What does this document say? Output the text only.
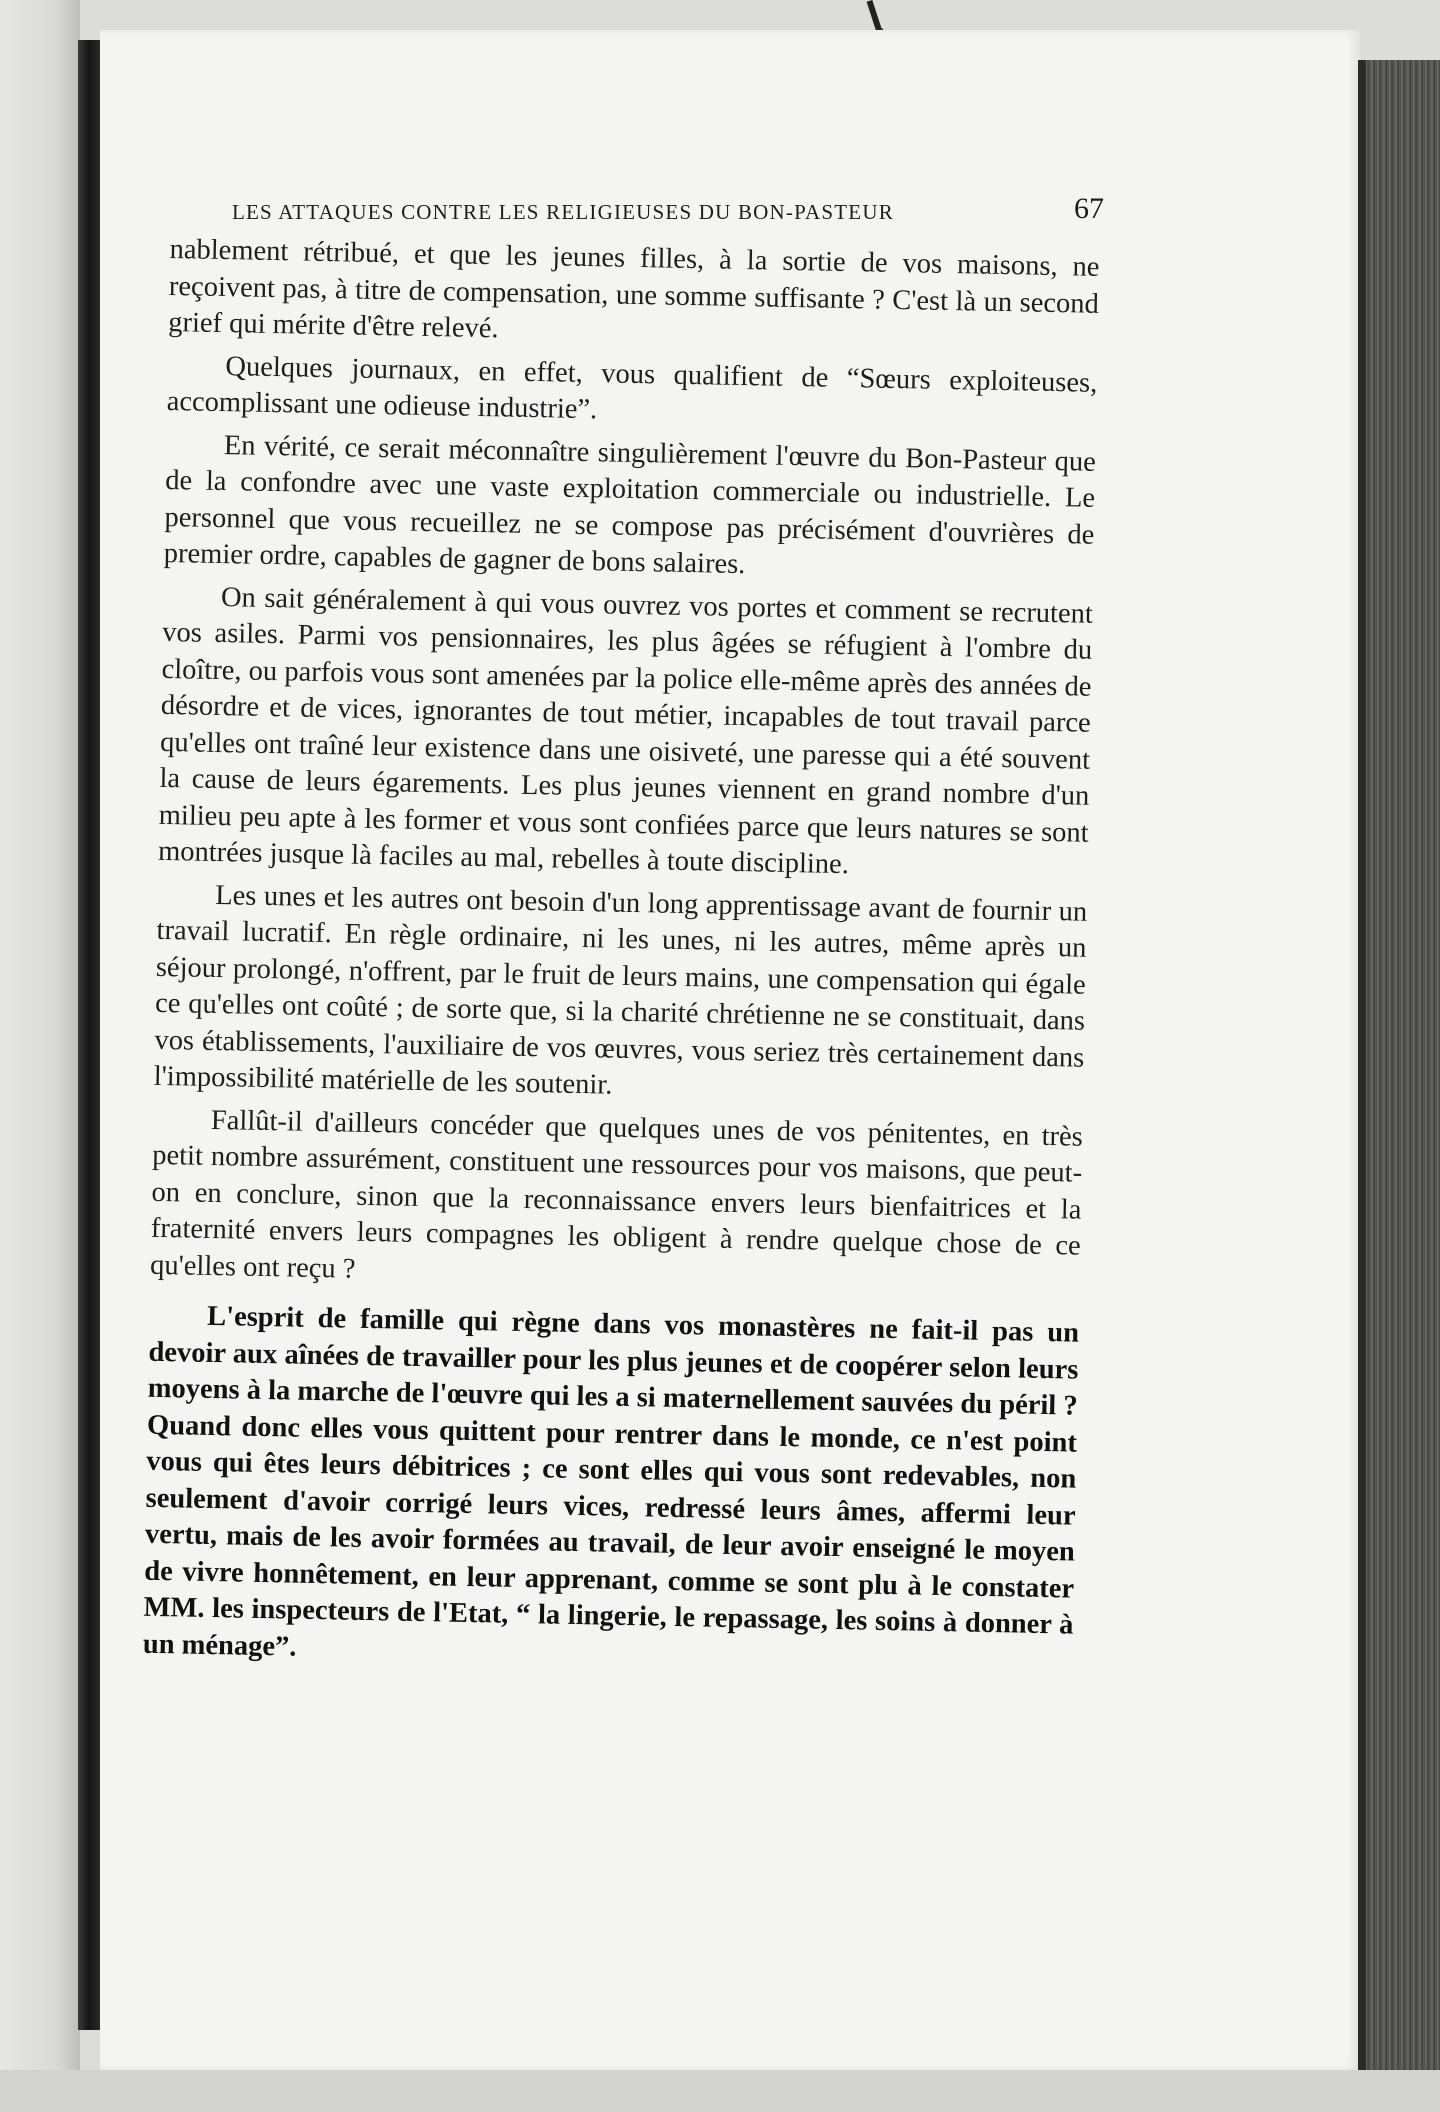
LES ATTAQUES CONTRE LES RELIGIEUSES DU BON-PASTEUR	67

nablement rétribué, et que les jeunes filles, à la sortie de vos maisons, ne reçoivent pas, à titre de compensation, une somme suffisante ? C'est là un second grief qui mérite d'être relevé.

Quelques journaux, en effet, vous qualifient de “Sœurs exploiteuses, accomplissant une odieuse industrie”.

En vérité, ce serait méconnaître singulièrement l'œuvre du Bon-Pasteur que de la confondre avec une vaste exploitation commerciale ou industrielle. Le personnel que vous recueillez ne se compose pas précisément d'ouvrières de premier ordre, capables de gagner de bons salaires.

On sait généralement à qui vous ouvrez vos portes et comment se recrutent vos asiles. Parmi vos pensionnaires, les plus âgées se réfugient à l'ombre du cloître, ou parfois vous sont amenées par la police elle-même après des années de désordre et de vices, ignorantes de tout métier, incapables de tout travail parce qu'elles ont traîné leur existence dans une oisiveté, une paresse qui a été souvent la cause de leurs égarements. Les plus jeunes viennent en grand nombre d'un milieu peu apte à les former et vous sont confiées parce que leurs natures se sont montrées jusque là faciles au mal, rebelles à toute discipline.

Les unes et les autres ont besoin d'un long apprentissage avant de fournir un travail lucratif. En règle ordinaire, ni les unes, ni les autres, même après un séjour prolongé, n'offrent, par le fruit de leurs mains, une compensation qui égale ce qu'elles ont coûté ; de sorte que, si la charité chrétienne ne se constituait, dans vos établissements, l'auxiliaire de vos œuvres, vous seriez très certainement dans l'impossibilité matérielle de les soutenir.

Fallût-il d'ailleurs concéder que quelques unes de vos pénitentes, en très petit nombre assurément, constituent une ressources pour vos maisons, que peut-on en conclure, sinon que la reconnaissance envers leurs bienfaitrices et la fraternité envers leurs compagnes les obligent à rendre quelque chose de ce qu'elles ont reçu ?

L'esprit de famille qui règne dans vos monastères ne fait-il pas un devoir aux aînées de travailler pour les plus jeunes et de coopérer selon leurs moyens à la marche de l'œuvre qui les a si maternellement sauvées du péril ? Quand donc elles vous quittent pour rentrer dans le monde, ce n'est point vous qui êtes leurs débitrices ; ce sont elles qui vous sont redevables, non seulement d'avoir corrigé leurs vices, redressé leurs âmes, affermi leur vertu, mais de les avoir formées au travail, de leur avoir enseigné le moyen de vivre honnêtement, en leur apprenant, comme se sont plu à le constater MM. les inspecteurs de l'Etat, “ la lingerie, le repassage, les soins à donner à un ménage”.
